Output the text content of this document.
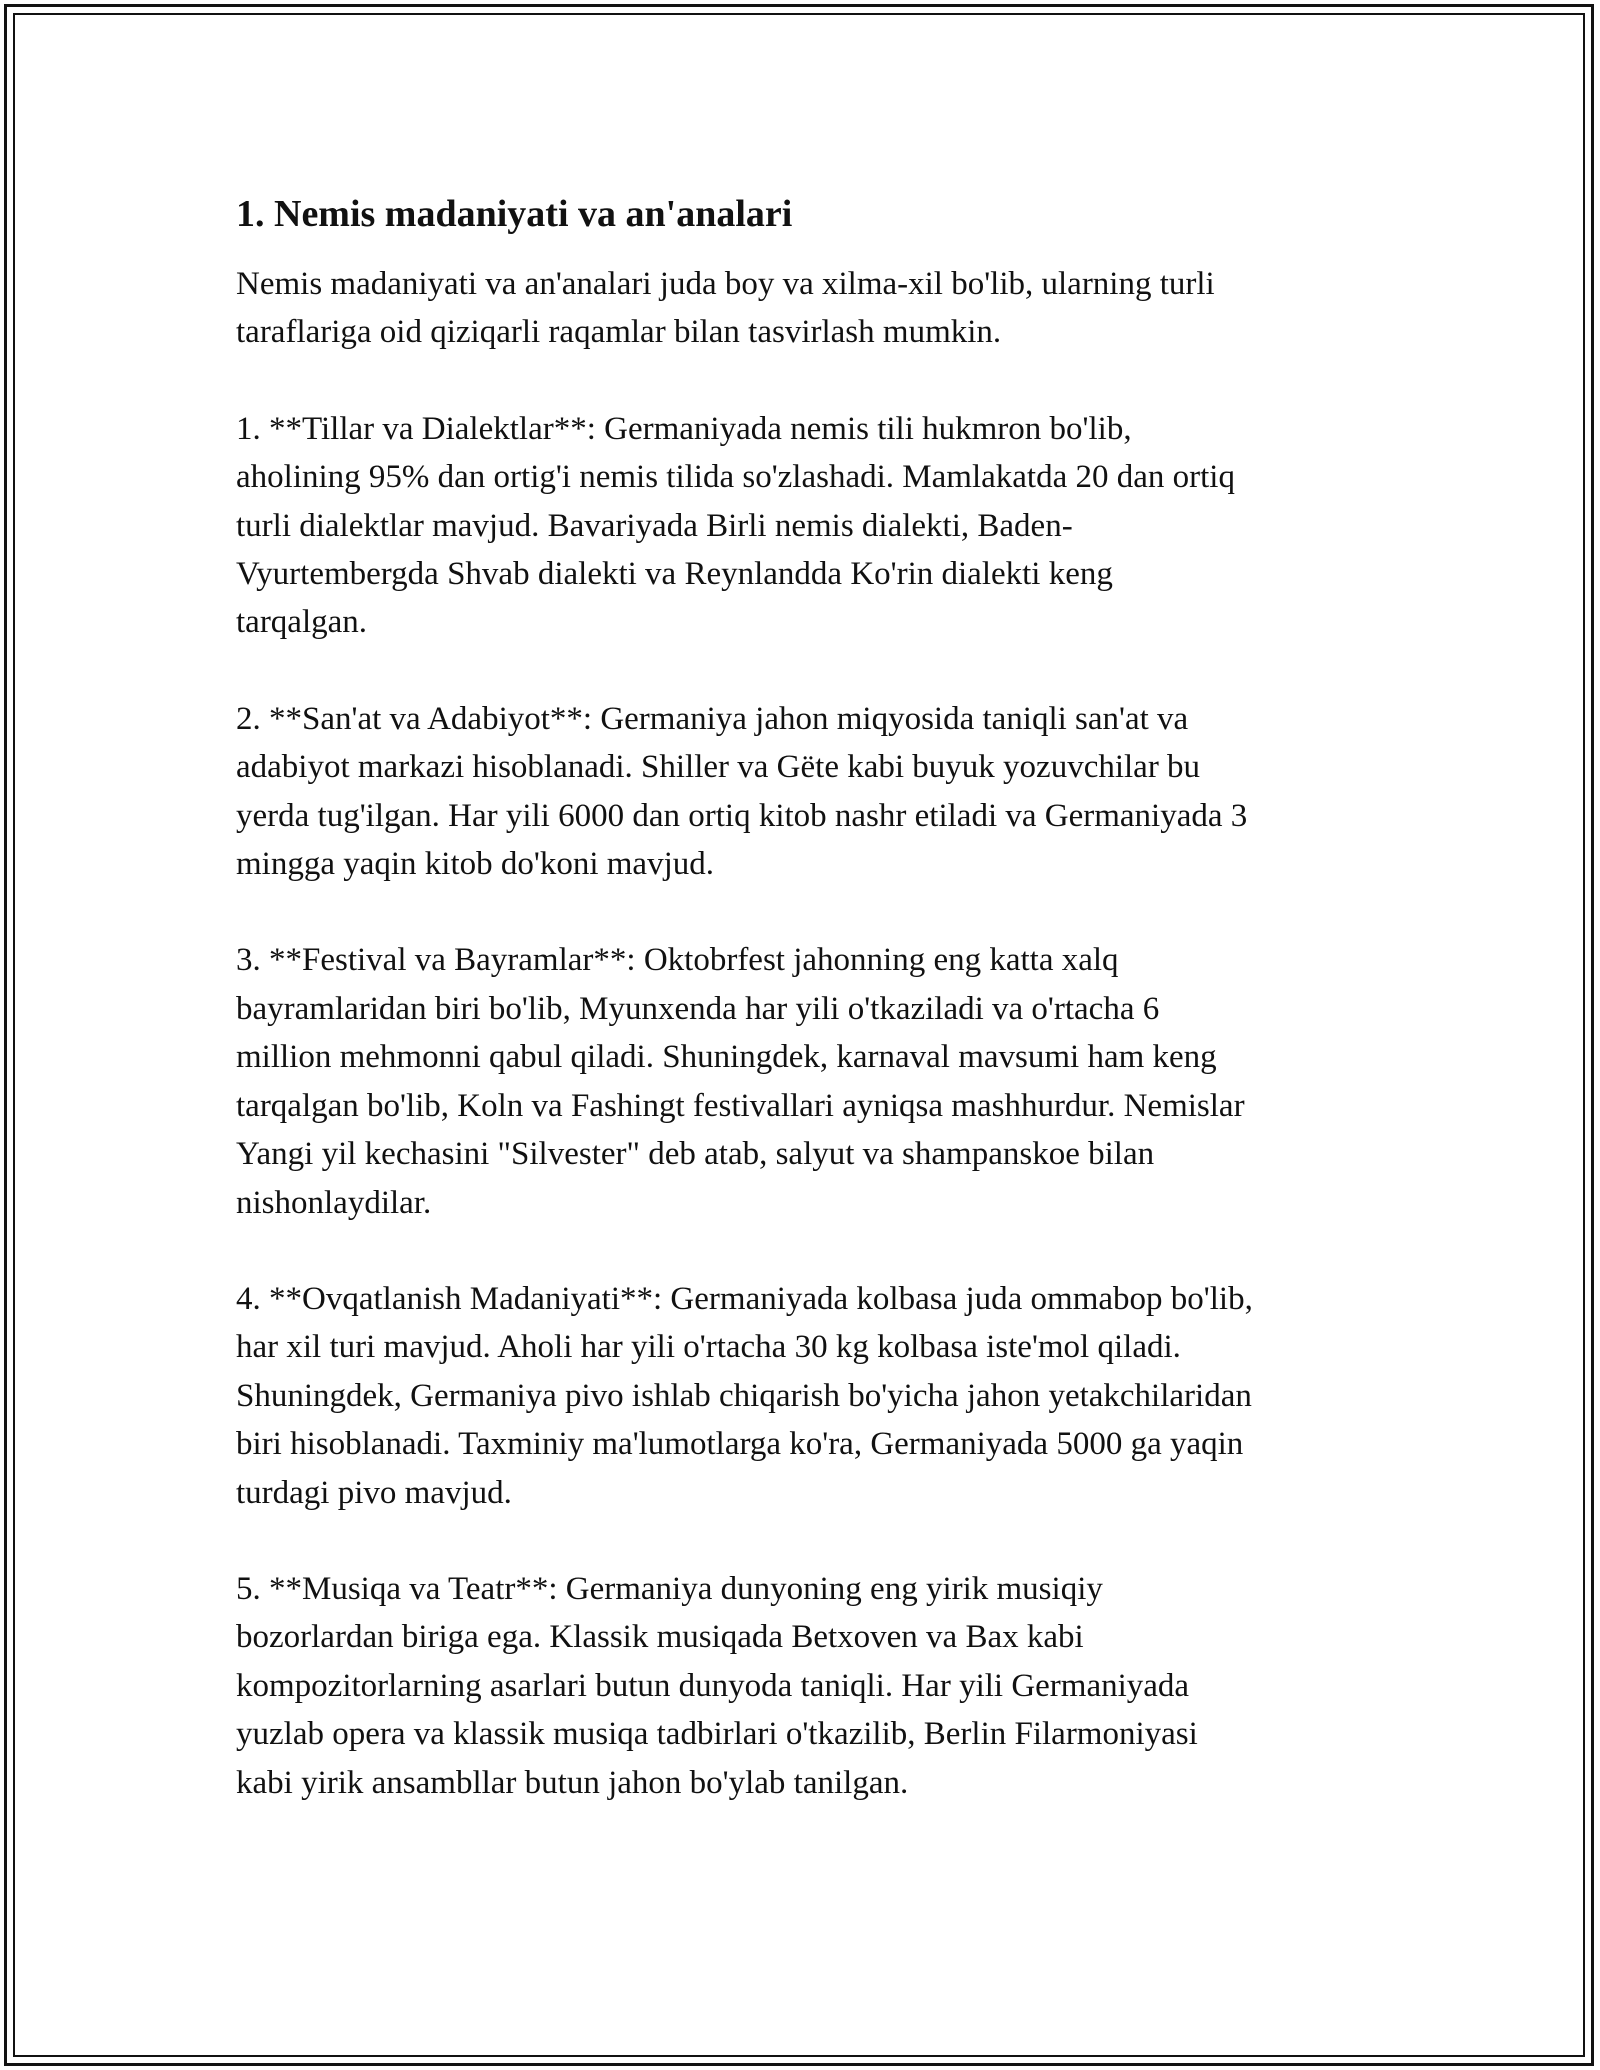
1. Nemis madaniyati va an'analari

Nemis madaniyati va an'analari juda boy va xilma-xil bo'lib, ularning turli
taraflariga oid qiziqarli raqamlar bilan tasvirlash mumkin.

1. **Tillar va Dialektlar**: Germaniyada nemis tili hukmron bo'lib,
aholining 95% dan ortig'i nemis tilida so'zlashadi. Mamlakatda 20 dan ortiq
turli dialektlar mavjud. Bavariyada Birli nemis dialekti, Baden-
Vyurtembergda Shvab dialekti va Reynlandda Ko'rin dialekti keng
tarqalgan.

2. **San'at va Adabiyot**: Germaniya jahon miqyosida taniqli san'at va
adabiyot markazi hisoblanadi. Shiller va Gëte kabi buyuk yozuvchilar bu
yerda tug'ilgan. Har yili 6000 dan ortiq kitob nashr etiladi va Germaniyada 3
mingga yaqin kitob do'koni mavjud.

3. **Festival va Bayramlar**: Oktobrfest jahonning eng katta xalq
bayramlaridan biri bo'lib, Myunxenda har yili o'tkaziladi va o'rtacha 6
million mehmonni qabul qiladi. Shuningdek, karnaval mavsumi ham keng
tarqalgan bo'lib, Koln va Fashingt festivallari ayniqsa mashhurdur. Nemislar
Yangi yil kechasini "Silvester" deb atab, salyut va shampanskoe bilan
nishonlaydilar.

4. **Ovqatlanish Madaniyati**: Germaniyada kolbasa juda ommabop bo'lib,
har xil turi mavjud. Aholi har yili o'rtacha 30 kg kolbasa iste'mol qiladi.
Shuningdek, Germaniya pivo ishlab chiqarish bo'yicha jahon yetakchilaridan
biri hisoblanadi. Taxminiy ma'lumotlarga ko'ra, Germaniyada 5000 ga yaqin
turdagi pivo mavjud.

5. **Musiqa va Teatr**: Germaniya dunyoning eng yirik musiqiy
bozorlardan biriga ega. Klassik musiqada Betxoven va Bax kabi
kompozitorlarning asarlari butun dunyoda taniqli. Har yili Germaniyada
yuzlab opera va klassik musiqa tadbirlari o'tkazilib, Berlin Filarmoniyasi
kabi yirik ansambllar butun jahon bo'ylab tanilgan.
